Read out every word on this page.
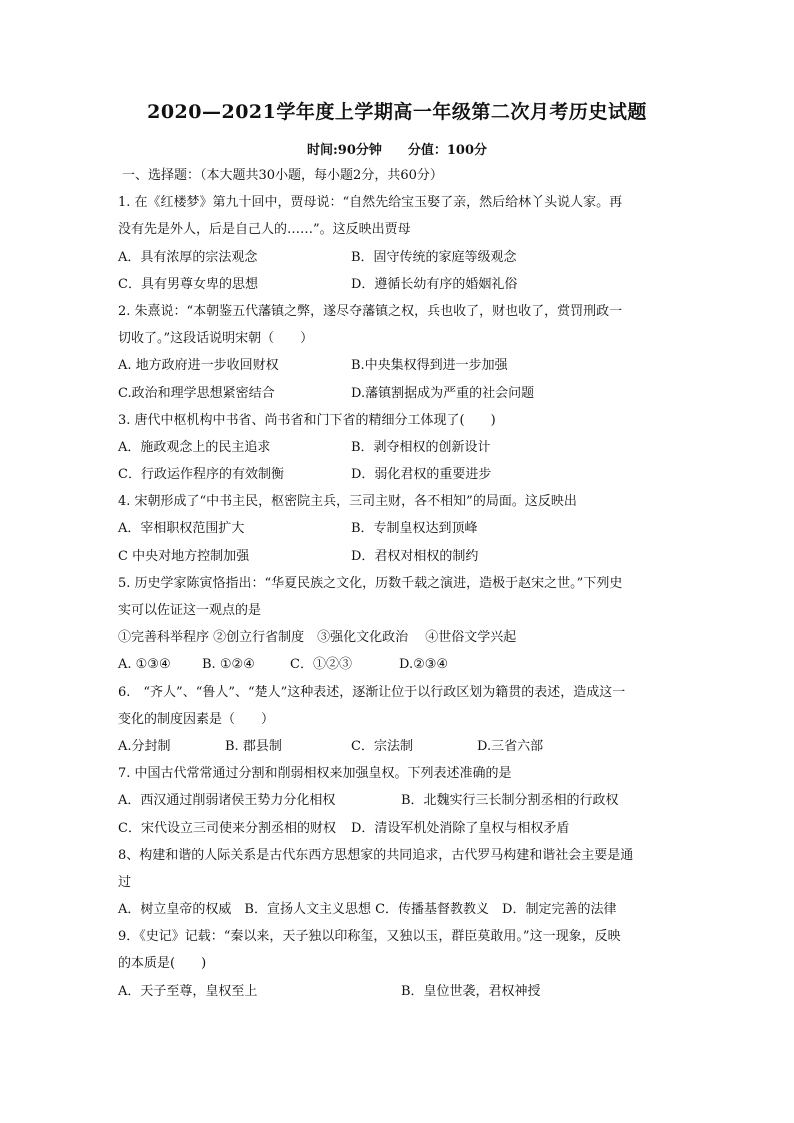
2020—2021学年度上学期高一年级第二次月考历史试题
时间:90分钟 分值：100分
一、选择题：（本大题共30小题，每小题2分，共60分）
1. 在《红楼梦》第九十回中，贾母说：“自然先给宝玉娶了亲，然后给林丫头说人家。再
没有先是外人，后是自己人的……”。这反映出贾母
A．具有浓厚的宗法观念	B．固守传统的家庭等级观念
C．具有男尊女卑的思想	D．遵循长幼有序的婚姻礼俗
2. 朱熹说：“本朝鉴五代藩镇之弊，遂尽夺藩镇之权，兵也收了，财也收了，赏罚刑政一
切收了。”这段话说明宋朝（　　）
A. 地方政府进一步收回财权	B.中央集权得到进一步加强
C.政治和理学思想紧密结合	D.藩镇割据成为严重的社会问题
3. 唐代中枢机构中书省、尚书省和门下省的精细分工体现了(　　)
A．施政观念上的民主追求	B．剥夺相权的创新设计
C．行政运作程序的有效制衡	D．弱化君权的重要进步
4. 宋朝形成了“中书主民，枢密院主兵，三司主财，各不相知”的局面。这反映出
A．宰相职权范围扩大	B．专制皇权达到顶峰
C 中央对地方控制加强	D．君权对相权的制约
5. 历史学家陈寅恪指出：“华夏民族之文化，历数千载之演进，造极于赵宋之世。”下列史
实可以佐证这一观点的是
①完善科举程序 ②创立行省制度　③强化文化政治　 ④世俗文学兴起
A. ①③④ B. ①②④	C．①②③	D.②③④
6.　“齐人”、“鲁人”、“楚人”这种表述，逐渐让位于以行政区划为籍贯的表述，造成这一
变化的制度因素是（　　）
A.分封制	B. 郡县制	C．宗法制	D.三省六部
7. 中国古代常常通过分割和削弱相权来加强皇权。下列表述准确的是
A．西汉通过削弱诸侯王势力分化相权	B．北魏实行三长制分割丞相的行政权
C．宋代设立三司使来分割丞相的财权 D．清设军机处消除了皇权与相权矛盾
8、构建和谐的人际关系是古代东西方思想家的共同追求，古代罗马构建和谐社会主要是通
过
A．树立皇帝的权威　B．宣扬人文主义思想 C．传播基督教教义　D．制定完善的法律
9．《史记》记载：“秦以来，天子独以印称玺，又独以玉，群臣莫敢用。”这一现象，反映
的本质是(　　)
A．天子至尊，皇权至上	B．皇位世袭，君权神授
